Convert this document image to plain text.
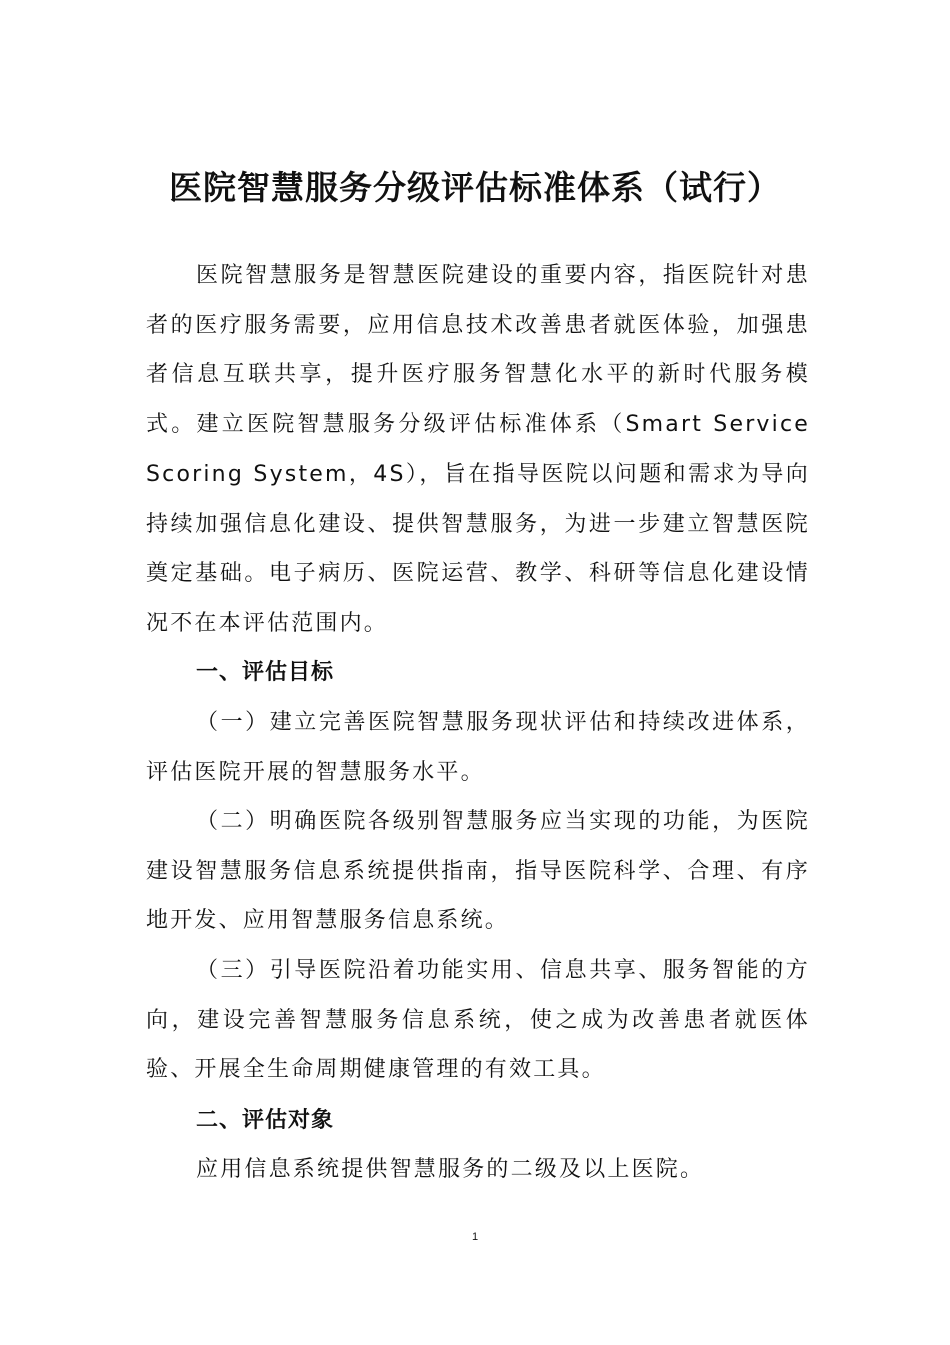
医院智慧服务分级评估标准体系（试行）
医院智慧服务是智慧医院建设的重要内容，指医院针对患者的医疗服务需要，应用信息技术改善患者就医体验，加强患者信息互联共享，提升医疗服务智慧化水平的新时代服务模式。建立医院智慧服务分级评估标准体系（Smart Service Scoring System，4S），旨在指导医院以问题和需求为导向持续加强信息化建设、提供智慧服务，为进一步建立智慧医院奠定基础。电子病历、医院运营、教学、科研等信息化建设情况不在本评估范围内。
一、评估目标
（一）建立完善医院智慧服务现状评估和持续改进体系，评估医院开展的智慧服务水平。
（二）明确医院各级别智慧服务应当实现的功能，为医院建设智慧服务信息系统提供指南，指导医院科学、合理、有序地开发、应用智慧服务信息系统。
（三）引导医院沿着功能实用、信息共享、服务智能的方向，建设完善智慧服务信息系统，使之成为改善患者就医体验、开展全生命周期健康管理的有效工具。
二、评估对象
应用信息系统提供智慧服务的二级及以上医院。
1
